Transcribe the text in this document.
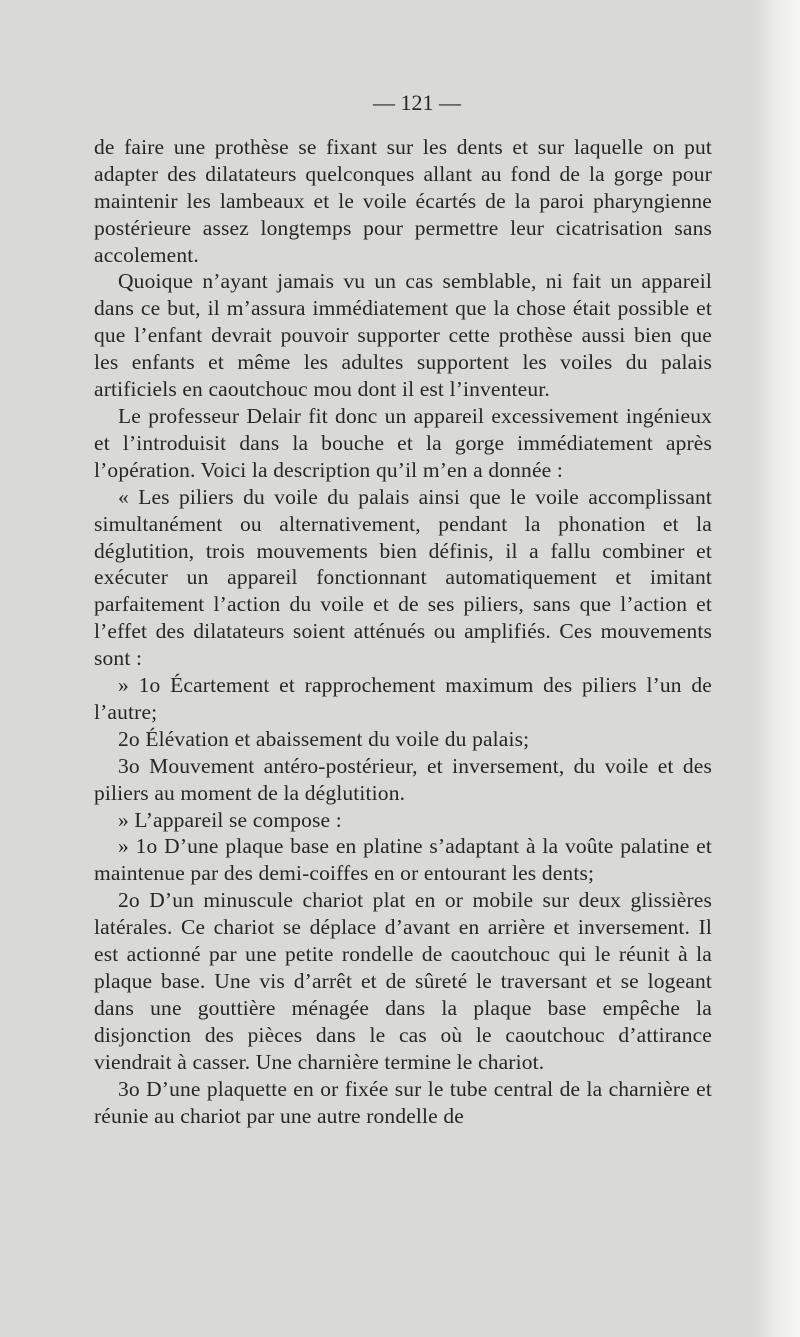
— 121 —

de faire une prothèse se fixant sur les dents et sur laquelle on put adapter des dilatateurs quelconques allant au fond de la gorge pour maintenir les lambeaux et le voile écartés de la paroi pharyngienne postérieure assez longtemps pour permettre leur cicatrisation sans accolement.

Quoique n’ayant jamais vu un cas semblable, ni fait un appareil dans ce but, il m’assura immédiatement que la chose était possible et que l’enfant devrait pouvoir supporter cette prothèse aussi bien que les enfants et même les adultes supportent les voiles du palais artificiels en caoutchouc mou dont il est l’inventeur.

Le professeur Delair fit donc un appareil excessivement ingénieux et l’introduisit dans la bouche et la gorge immédiatement après l’opération. Voici la description qu’il m’en a donnée :

« Les piliers du voile du palais ainsi que le voile accomplissant simultanément ou alternativement, pendant la phonation et la déglutition, trois mouvements bien définis, il a fallu combiner et exécuter un appareil fonctionnant automatiquement et imitant parfaitement l’action du voile et de ses piliers, sans que l’action et l’effet des dilatateurs soient atténués ou amplifiés. Ces mouvements sont :

» 1o Écartement et rapprochement maximum des piliers l’un de l’autre;

2o Élévation et abaissement du voile du palais;

3o Mouvement antéro-postérieur, et inversement, du voile et des piliers au moment de la déglutition.

» L’appareil se compose :

» 1o D’une plaque base en platine s’adaptant à la voûte palatine et maintenue par des demi-coiffes en or entourant les dents;

2o D’un minuscule chariot plat en or mobile sur deux glissières latérales. Ce chariot se déplace d’avant en arrière et inversement. Il est actionné par une petite rondelle de caoutchouc qui le réunit à la plaque base. Une vis d’arrêt et de sûreté le traversant et se logeant dans une gouttière ménagée dans la plaque base empêche la disjonction des pièces dans le cas où le caoutchouc d’attirance viendrait à casser. Une charnière termine le chariot.

3o D’une plaquette en or fixée sur le tube central de la charnière et réunie au chariot par une autre rondelle de
